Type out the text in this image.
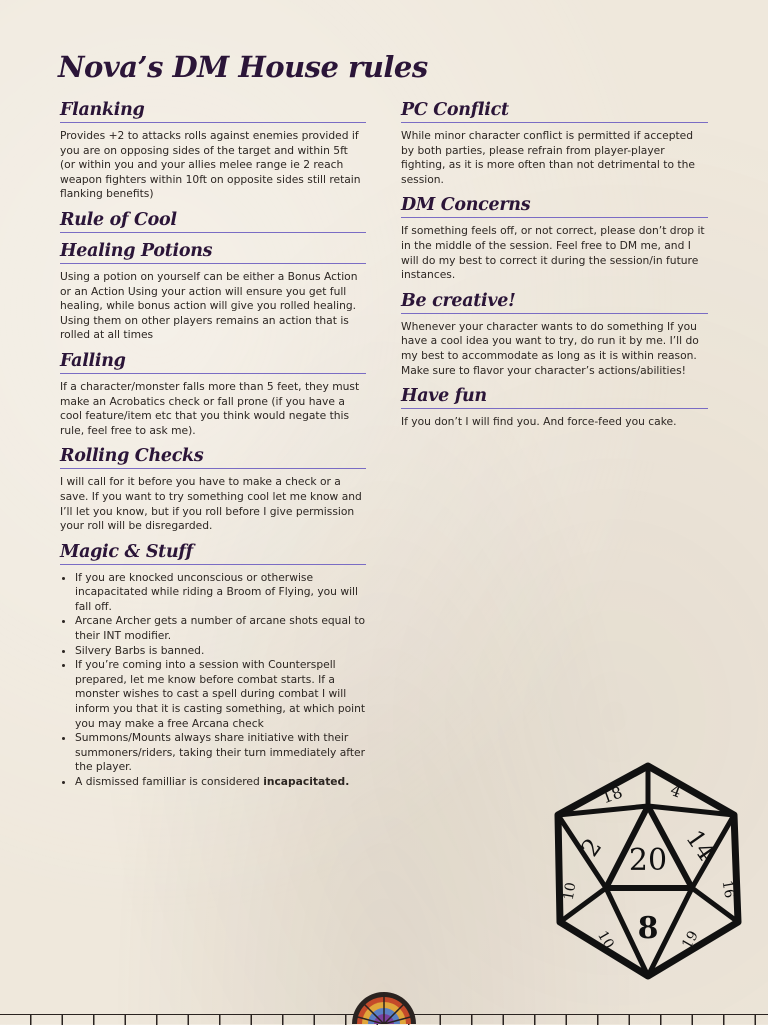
Nova’s DM House rules
Flanking

Provides +2 to attacks rolls against enemies provided if you are on opposing sides of the target and within 5ft (or within you and your allies melee range ie 2 reach weapon fighters within 10ft on opposite sides still retain flanking benefits)

Rule of Cool
Healing Potions

Using a potion on yourself can be either a Bonus Action or an Action Using your action will ensure you get full healing, while bonus action will give you rolled healing. Using them on other players remains an action that is rolled at all times

Falling

If a character/monster falls more than 5 feet, they must make an Acrobatics check or fall prone (if you have a cool feature/item etc that you think would negate this rule, feel free to ask me).

Rolling Checks

I will call for it before you have to make a check or a save. If you want to try something cool let me know and I’ll let you know, but if you roll before I give permission your roll will be disregarded.

Magic & Stuff
• If you are knocked unconscious or otherwise incapacitated while riding a Broom of Flying, you will fall off.
• Arcane Archer gets a number of arcane shots equal to their INT modifier.
• Silvery Barbs is banned.
• If you’re coming into a session with Counterspell prepared, let me know before combat starts. If a monster wishes to cast a spell during combat I will inform you that it is casting something, at which point you may make a free Arcana check
• Summons/Mounts always share initiative with their summoners/riders, taking their turn immediately after the player.
• A dismissed familliar is considered incapacitated.
PC Conflict

While minor character conflict is permitted if accepted by both parties, please refrain from player-player fighting, as it is more often than not detrimental to the session.

DM Concerns

If something feels off, or not correct, please don’t drop it in the middle of the session. Feel free to DM me, and I will do my best to correct it during the session/in future instances.

Be creative!

Whenever your character wants to do something If you have a cool idea you want to try, do run it by me. I’ll do my best to accommodate as long as it is within reason. Make sure to flavor your character’s actions/abilities!

Have fun

If you don’t I will find you. And force-feed you cake.

20
8
18	4
2	14
10	16
10	19
